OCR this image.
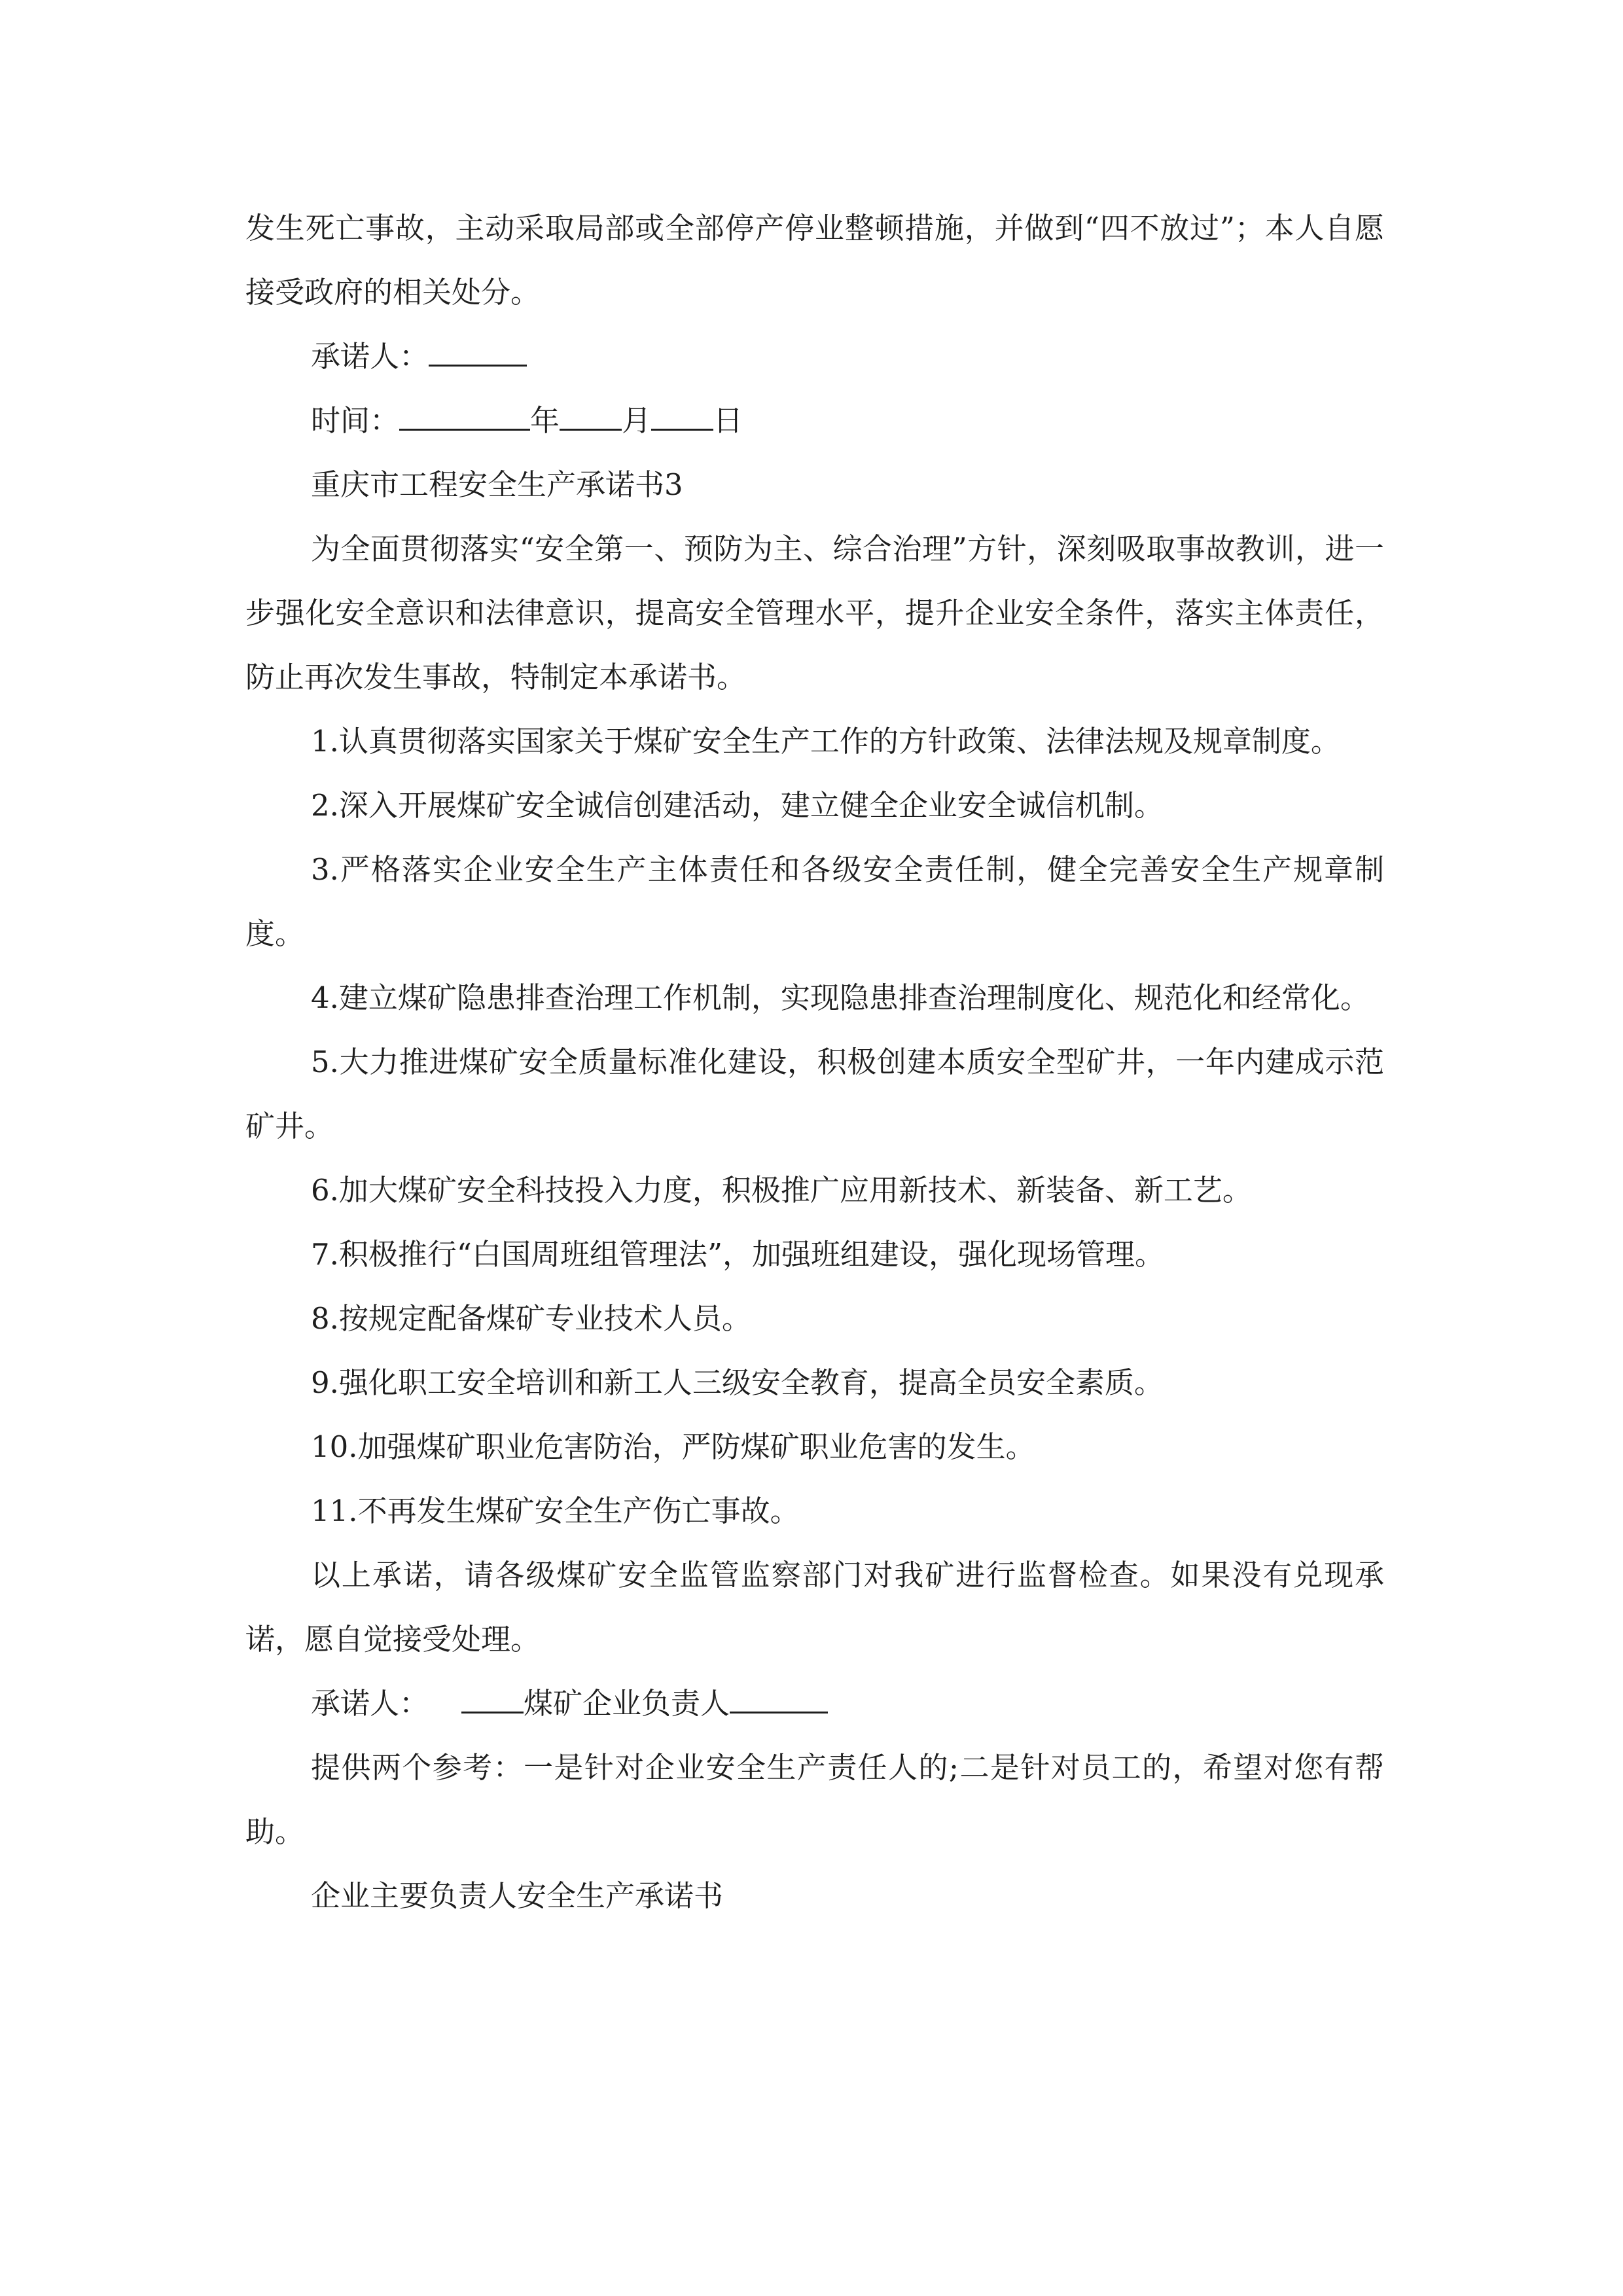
发生死亡事故，主动采取局部或全部停产停业整顿措施，并做到“四不放过”；本人自愿接受政府的相关处分。

承诺人：

时间：	年 月 日

重庆市工程安全生产承诺书3

为全面贯彻落实“安全第一、预防为主、综合治理”方针，深刻吸取事故教训，进一步强化安全意识和法律意识，提高安全管理水平，提升企业安全条件，落实主体责任，防止再次发生事故，特制定本承诺书。

1.认真贯彻落实国家关于煤矿安全生产工作的方针政策、法律法规及规章制度。

2.深入开展煤矿安全诚信创建活动，建立健全企业安全诚信机制。

3.严格落实企业安全生产主体责任和各级安全责任制，健全完善安全生产规章制度。

4.建立煤矿隐患排查治理工作机制，实现隐患排查治理制度化、规范化和经常化。

5.大力推进煤矿安全质量标准化建设，积极创建本质安全型矿井，一年内建成示范矿井。

6.加大煤矿安全科技投入力度，积极推广应用新技术、新装备、新工艺。

7.积极推行“白国周班组管理法”，加强班组建设，强化现场管理。

8.按规定配备煤矿专业技术人员。

9.强化职工安全培训和新工人三级安全教育，提高全员安全素质。

10.加强煤矿职业危害防治，严防煤矿职业危害的发生。

11.不再发生煤矿安全生产伤亡事故。

以上承诺，请各级煤矿安全监管监察部门对我矿进行监督检查。如果没有兑现承诺，愿自觉接受处理。

承诺人：	煤矿企业负责人

提供两个参考：一是针对企业安全生产责任人的;二是针对员工的，希望对您有帮助。

企业主要负责人安全生产承诺书
